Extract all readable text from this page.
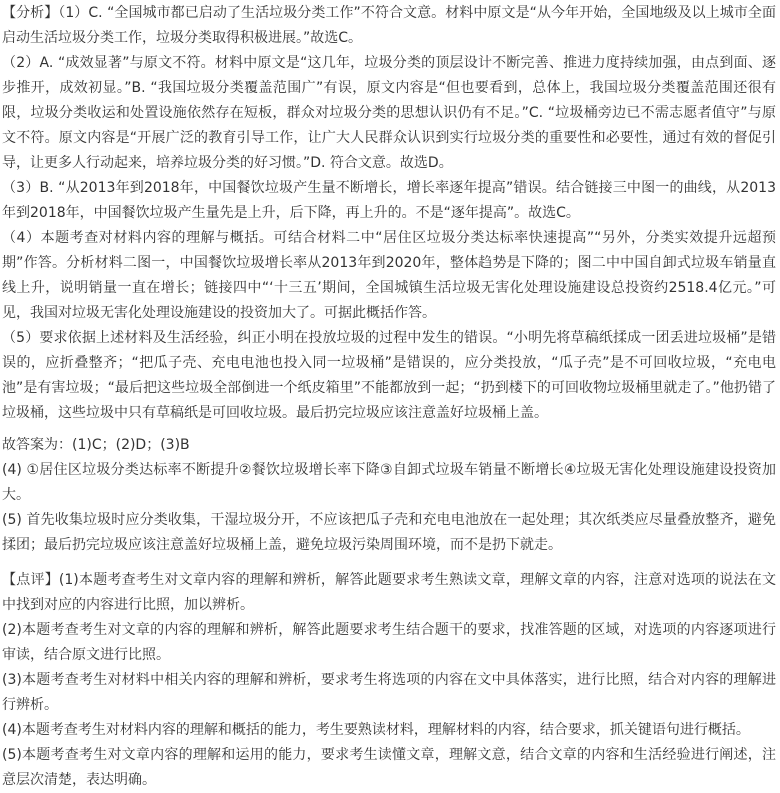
【分析】（1）C. “全国城市都已启动了生活垃圾分类工作”不符合文意。材料中原文是“从今年开始，全国地级及以上城市全面启动生活垃圾分类工作，垃圾分类取得积极进展。”故选C。

（2）A. “成效显著”与原文不符。材料中原文是“这几年，垃圾分类的顶层设计不断完善、推进力度持续加强，由点到面、逐步推开，成效初显。”B. “我国垃圾分类覆盖范围广”有误，原文内容是“但也要看到，总体上，我国垃圾分类覆盖范围还很有限，垃圾分类收运和处置设施依然存在短板，群众对垃圾分类的思想认识仍有不足。”C. “垃圾桶旁边已不需志愿者值守”与原文不符。原文内容是“开展广泛的教育引导工作，让广大人民群众认识到实行垃圾分类的重要性和必要性，通过有效的督促引导，让更多人行动起来，培养垃圾分类的好习惯。”D. 符合文意。故选D。

（3）B. “从2013年到2018年，中国餐饮垃圾产生量不断增长，增长率逐年提高”错误。结合链接三中图一的曲线，从2013年到2018年，中国餐饮垃圾产生量先是上升，后下降，再上升的。不是“逐年提高”。故选C。

（4）本题考查对材料内容的理解与概括。可结合材料二中“居住区垃圾分类达标率快速提高”“另外，分类实效提升远超预期”作答。分析材料二图一，中国餐饮垃圾增长率从2013年到2020年，整体趋势是下降的；图二中中国自卸式垃圾车销量直线上升，说明销量一直在增长；链接四中“‘十三五’期间，全国城镇生活垃圾无害化处理设施建设总投资约2518.4亿元。”可见，我国对垃圾无害化处理设施建设的投资加大了。可据此概括作答。

（5）要求依据上述材料及生活经验，纠正小明在投放垃圾的过程中发生的错误。“小明先将草稿纸揉成一团丢进垃圾桶”是错误的，应折叠整齐；“把瓜子壳、充电电池也投入同一垃圾桶”是错误的，应分类投放，“瓜子壳”是不可回收垃圾，“充电电池”是有害垃圾；“最后把这些垃圾全部倒进一个纸皮箱里”不能都放到一起；“扔到楼下的可回收物垃圾桶里就走了。”他扔错了垃圾桶，这些垃圾中只有草稿纸是可回收垃圾。最后扔完垃圾应该注意盖好垃圾桶上盖。

故答案为：(1)C；(2)D；(3)B

(4) ①居住区垃圾分类达标率不断提升②餐饮垃圾增长率下降③自卸式垃圾车销量不断增长④垃圾无害化处理设施建设投资加大。

(5) 首先收集垃圾时应分类收集，干湿垃圾分开，不应该把瓜子壳和充电电池放在一起处理；其次纸类应尽量叠放整齐，避免揉团；最后扔完垃圾应该注意盖好垃圾桶上盖，避免垃圾污染周围环境，而不是扔下就走。

【点评】(1)本题考查考生对文章内容的理解和辨析，解答此题要求考生熟读文章，理解文章的内容，注意对选项的说法在文中找到对应的内容进行比照，加以辨析。

(2)本题考查考生对文章的内容的理解和辨析，解答此题要求考生结合题干的要求，找准答题的区域，对选项的内容逐项进行审读，结合原文进行比照。

(3)本题考查考生对材料中相关内容的理解和辨析，要求考生将选项的内容在文中具体落实，进行比照，结合对内容的理解进行辨析。

(4)本题考查考生对材料内容的理解和概括的能力，考生要熟读材料，理解材料的内容，结合要求，抓关键语句进行概括。

(5)本题考查考生对文章内容的理解和运用的能力，要求考生读懂文章，理解文意，结合文章的内容和生活经验进行阐述，注意层次清楚，表达明确。
